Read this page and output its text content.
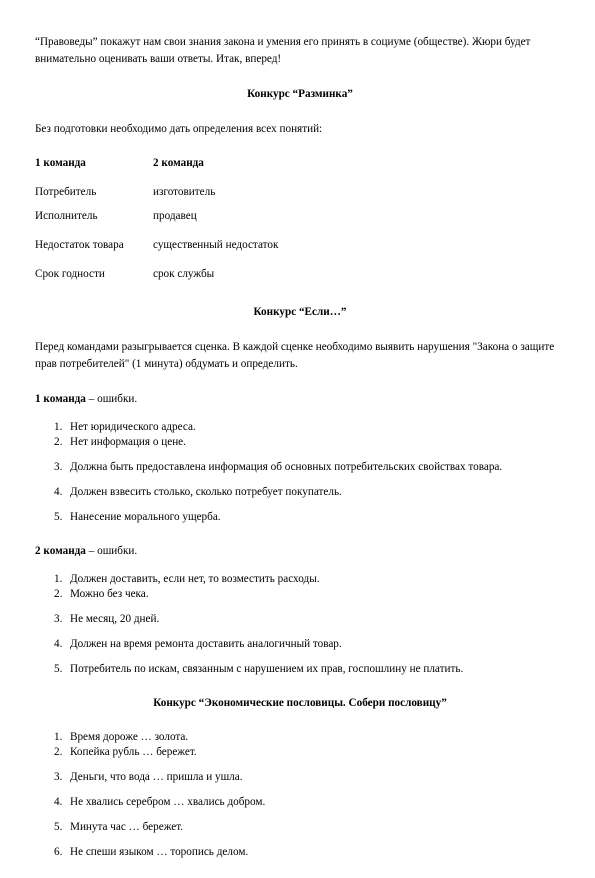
“Правоведы” покажут нам свои знания закона и умения его принять в социуме (обществе). Жюри будет внимательно оценивать ваши ответы. Итак, вперед!

Конкурс “Разминка”

Без подготовки необходимо дать определения всех понятий:

1 команда	2 команда
Потребитель	изготовитель
Исполнитель	продавец
Недостаток товара	существенный недостаток
Срок годности	срок службы

Конкурс “Если…”

Перед командами разыгрывается сценка. В каждой сценке необходимо выявить нарушения "Закона о защите прав потребителей" (1 минута) обдумать и определить.

1 команда – ошибки.

1. Нет юридического адреса.
2. Нет информация о цене.
3. Должна быть предоставлена информация об основных потребительских свойствах товара.
4. Должен взвесить столько, сколько потребует покупатель.
5. Нанесение морального ущерба.

2 команда – ошибки.

1. Должен доставить, если нет, то возместить расходы.
2. Можно без чека.
3. Не месяц, 20 дней.
4. Должен на время ремонта доставить аналогичный товар.
5. Потребитель по искам, связанным с нарушением их прав, госпошлину не платить.

Конкурс “Экономические пословицы. Собери пословицу”

1. Время дороже … золота.
2. Копейка рубль … бережет.
3. Деньги, что вода … пришла и ушла.
4. Не хвались серебром … хвались добром.
5. Минута час … бережет.
6. Не спеши языком … торопись делом.
